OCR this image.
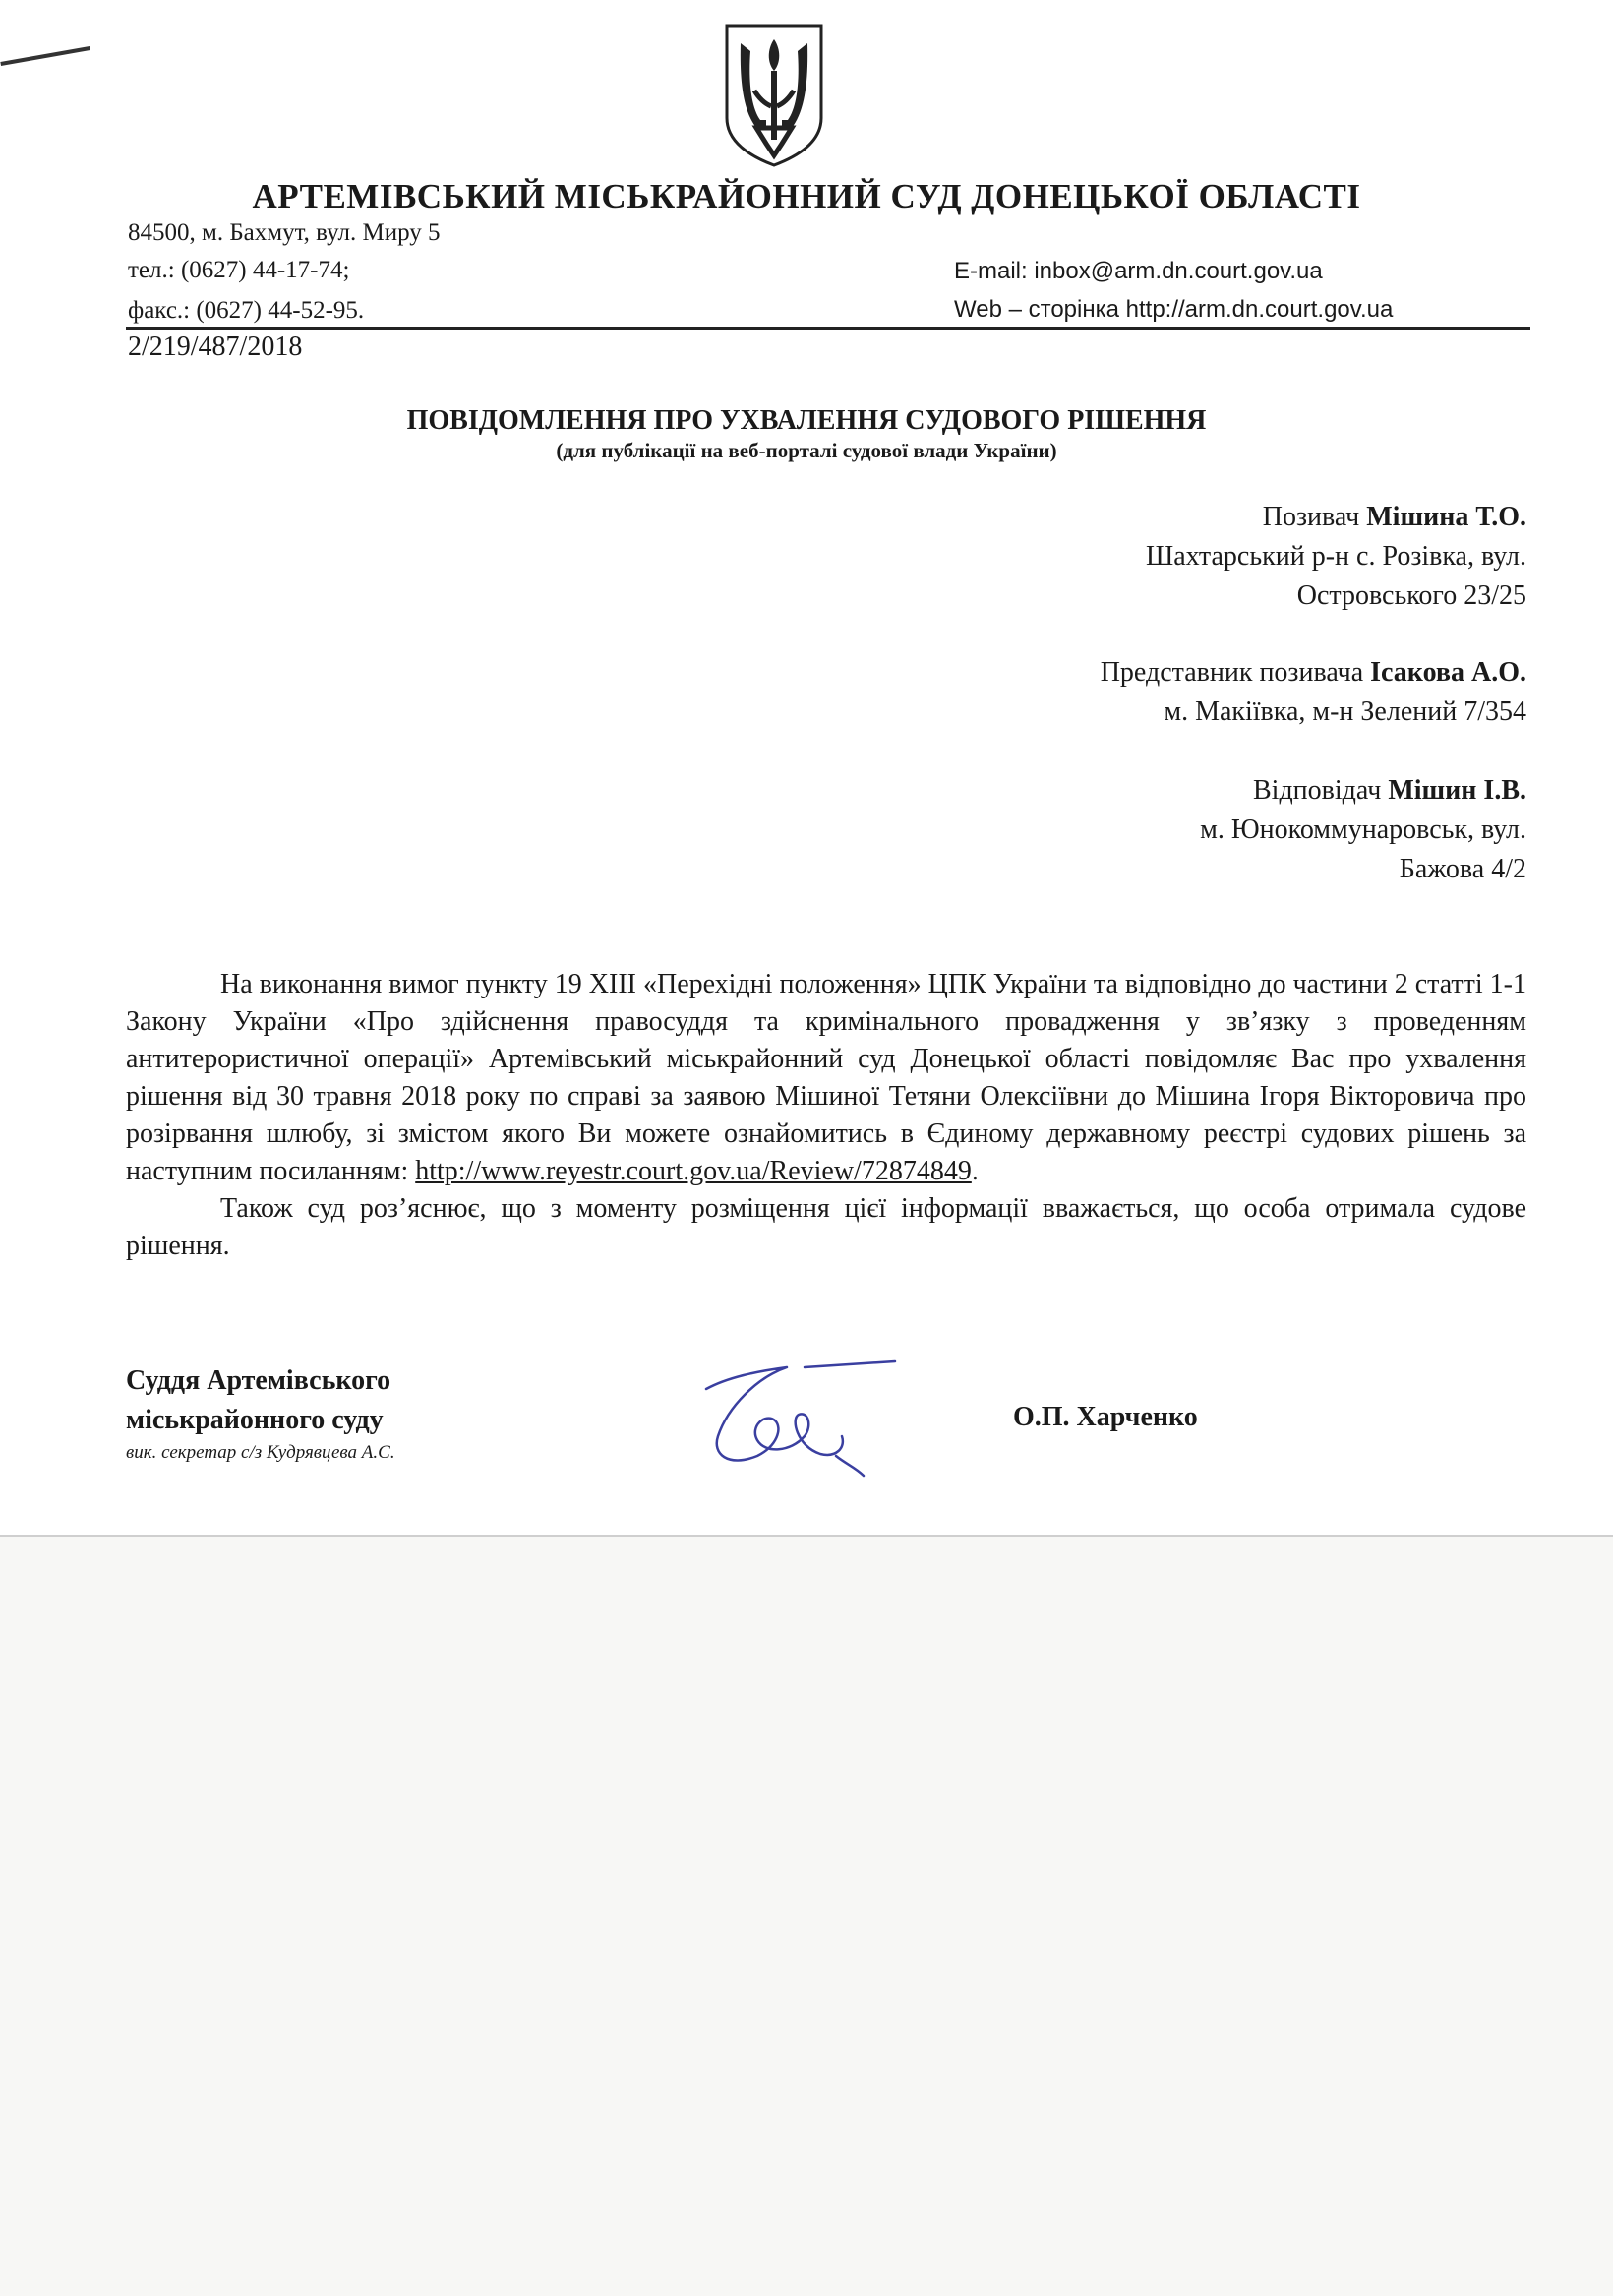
АРТЕМІВСЬКИЙ МІСЬКРАЙОННИЙ СУД ДОНЕЦЬКОЇ ОБЛАСТІ
84500, м. Бахмут, вул. Миру 5
тел.: (0627) 44-17-74;
факс.: (0627) 44-52-95.
E-mail: inbox@arm.dn.court.gov.ua
Web – сторінка http://arm.dn.court.gov.ua
2/219/487/2018
ПОВІДОМЛЕННЯ ПРО УХВАЛЕННЯ СУДОВОГО РІШЕННЯ
(для публікації на веб-порталі судової влади України)
Позивач Мішина Т.О.
Шахтарський р-н с. Розівка, вул.
Островського 23/25
Представник позивача Ісакова А.О.
м. Макіївка, м-н Зелений 7/354
Відповідач Мішин І.В.
м. Юнокоммунаровськ, вул.
Бажова 4/2

На виконання вимог пункту 19 XIII «Перехідні положення» ЦПК України та відповідно до частини 2 статті 1-1 Закону України «Про здійснення правосуддя та кримінального провадження у зв’язку з проведенням антитерористичної операції» Артемівський міськрайонний суд Донецької області повідомляє Вас про ухвалення рішення від 30 травня 2018 року по справі за заявою Мішиної Тетяни Олексіївни до Мішина Ігоря Вікторовича про розірвання шлюбу, зі змістом якого Ви можете ознайомитись в Єдиному державному реєстрі судових рішень за наступним посиланням: http://www.reyestr.court.gov.ua/Review/72874849.

Також суд роз’яснює, що з моменту розміщення цієї інформації вважається, що особа отримала судове рішення.

Суддя Артемівського
міськрайонного суду
вик. секретар с/з Кудрявцева А.С.
О.П. Харченко
